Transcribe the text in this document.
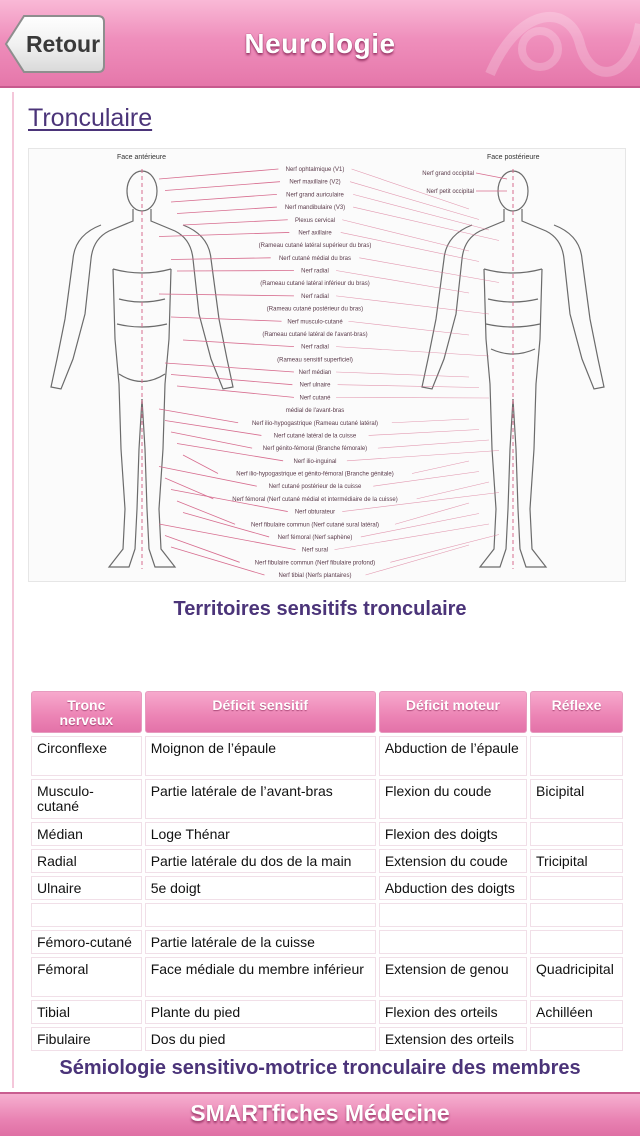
Retour	Neurologie
Tronculaire
Face antérieure	Face postérieure
Nerf ophtalmique (V1)
Nerf maxillaire (V2)
Nerf grand auriculaire
Nerf mandibulaire (V3)
Plexus cervical
Nerf axillaire
(Rameau cutané latéral supérieur du bras)
Nerf cutané médial du bras
Nerf radial
(Rameau cutané latéral inférieur du bras)
Nerf radial
(Rameau cutané postérieur du bras)
Nerf musculo-cutané
(Rameau cutané latéral de l'avant-bras)
Nerf radial
(Rameau sensitif superficiel)
Nerf médian
Nerf ulnaire
Nerf cutané
médial de l'avant-bras
Nerf ilio-hypogastrique (Rameau cutané latéral)
Nerf cutané latéral de la cuisse
Nerf génito-fémoral (Branche fémorale)
Nerf ilio-inguinal
Nerf ilio-hypogastrique et génito-fémoral (Branche génitale)
Nerf cutané postérieur de la cuisse
Nerf fémoral (Nerf cutané médial et intermédiaire de la cuisse)
Nerf obturateur
Nerf fibulaire commun (Nerf cutané sural latéral)
Nerf fémoral (Nerf saphène)
Nerf sural
Nerf fibulaire commun (Nerf fibulaire profond)
Nerf tibial (Nerfs plantaires)
Nerf grand occipital
Nerf petit occipital
Territoires sensitifs tronculaire
Tronc nerveux	Déficit sensitif	Déficit moteur	Réflexe
Circonflexe	Moignon de l’épaule	Abduction de l’épaule	
Musculo-cutané	Partie latérale de l’avant-bras	Flexion du coude	Bicipital
Médian	Loge Thénar	Flexion des doigts	
Radial	Partie latérale du dos de la main	Extension du coude	Tricipital
Ulnaire	5e doigt	Abduction des doigts	

Fémoro-cutané	Partie latérale de la cuisse		
Fémoral	Face médiale du membre inférieur	Extension de genou	Quadricipital
Tibial	Plante du pied	Flexion des orteils	Achilléen
Fibulaire	Dos du pied	Extension des orteils	
Sémiologie sensitivo-motrice tronculaire des membres
SMARTfiches Médecine
